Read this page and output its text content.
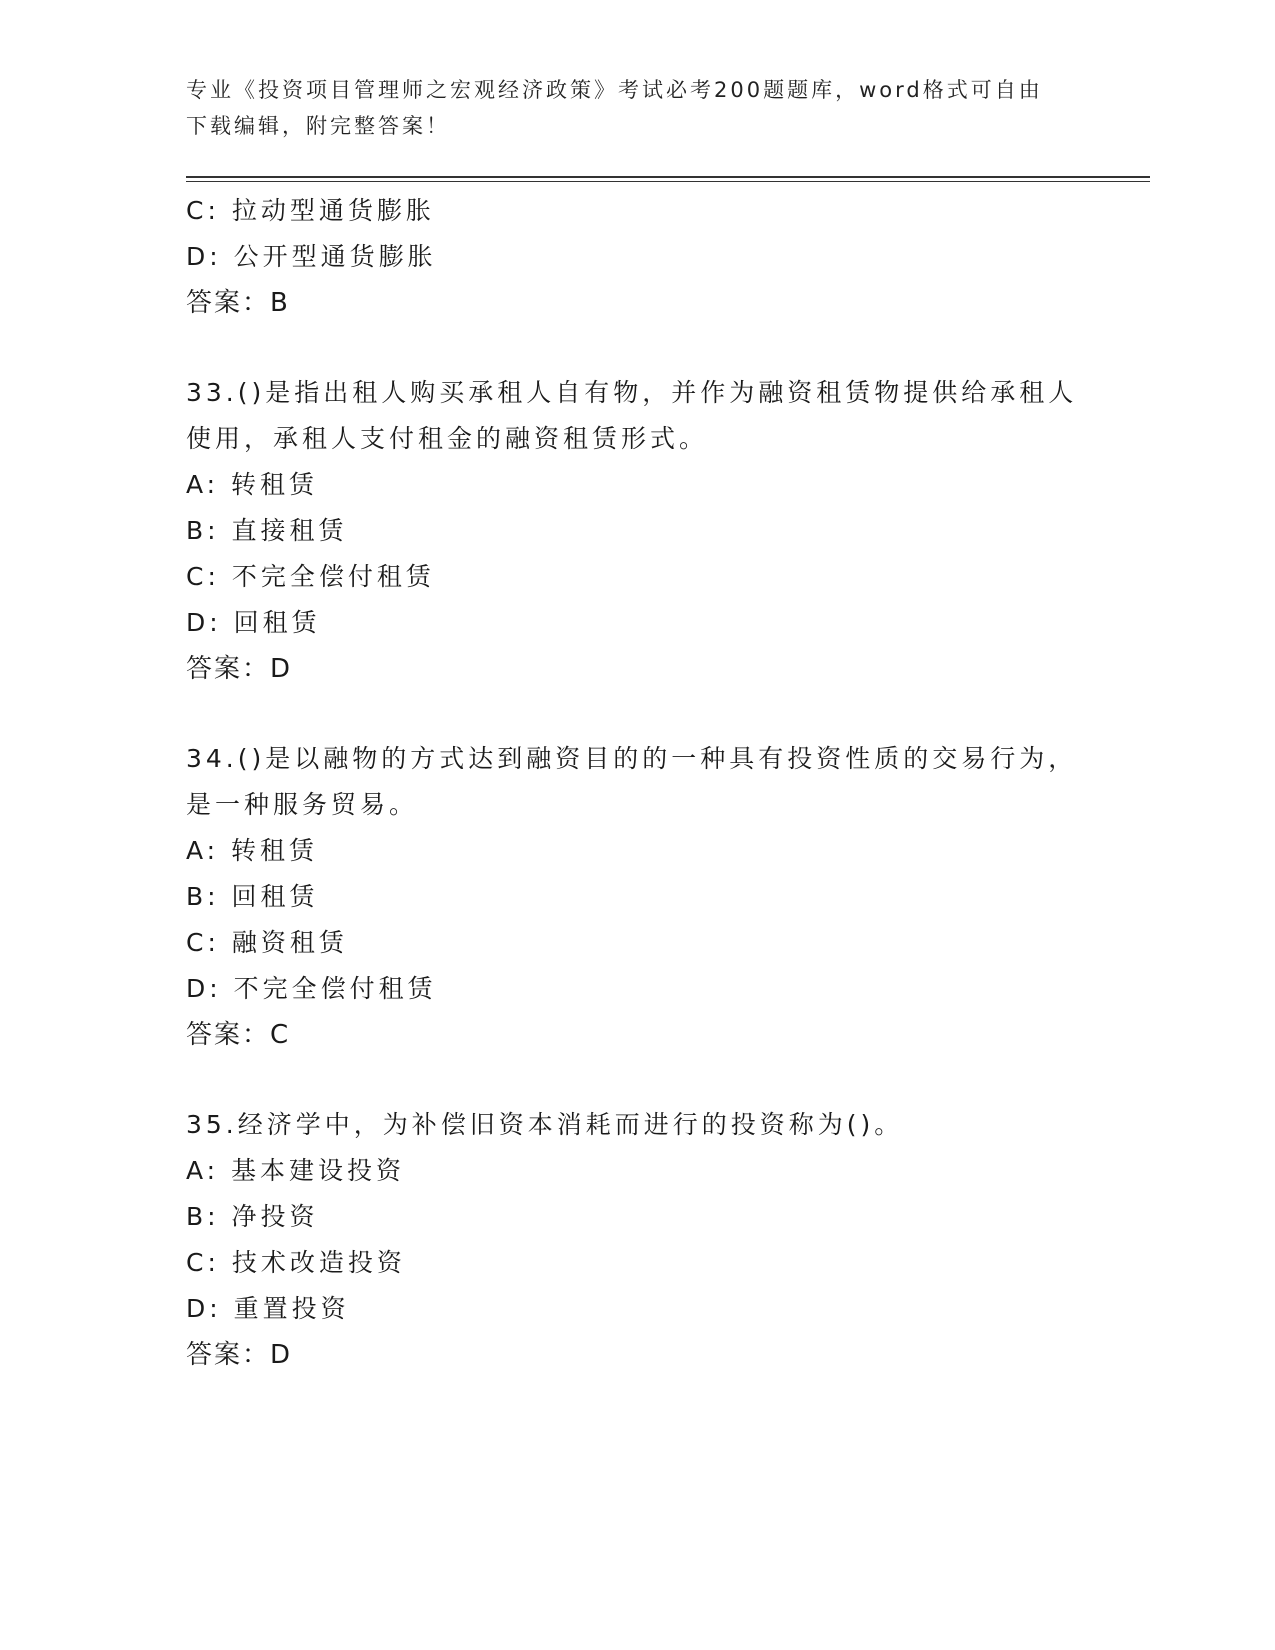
专业《投资项目管理师之宏观经济政策》考试必考200题题库，word格式可自由
下载编辑，附完整答案！
C: 拉动型通货膨胀
D: 公开型通货膨胀
答案：B
33.()是指出租人购买承租人自有物，并作为融资租赁物提供给承租人
使用，承租人支付租金的融资租赁形式。
A: 转租赁
B: 直接租赁
C: 不完全偿付租赁
D: 回租赁
答案：D
34.()是以融物的方式达到融资目的的一种具有投资性质的交易行为，
是一种服务贸易。
A: 转租赁
B: 回租赁
C: 融资租赁
D: 不完全偿付租赁
答案：C
35.经济学中，为补偿旧资本消耗而进行的投资称为()。
A: 基本建设投资
B: 净投资
C: 技术改造投资
D: 重置投资
答案：D
